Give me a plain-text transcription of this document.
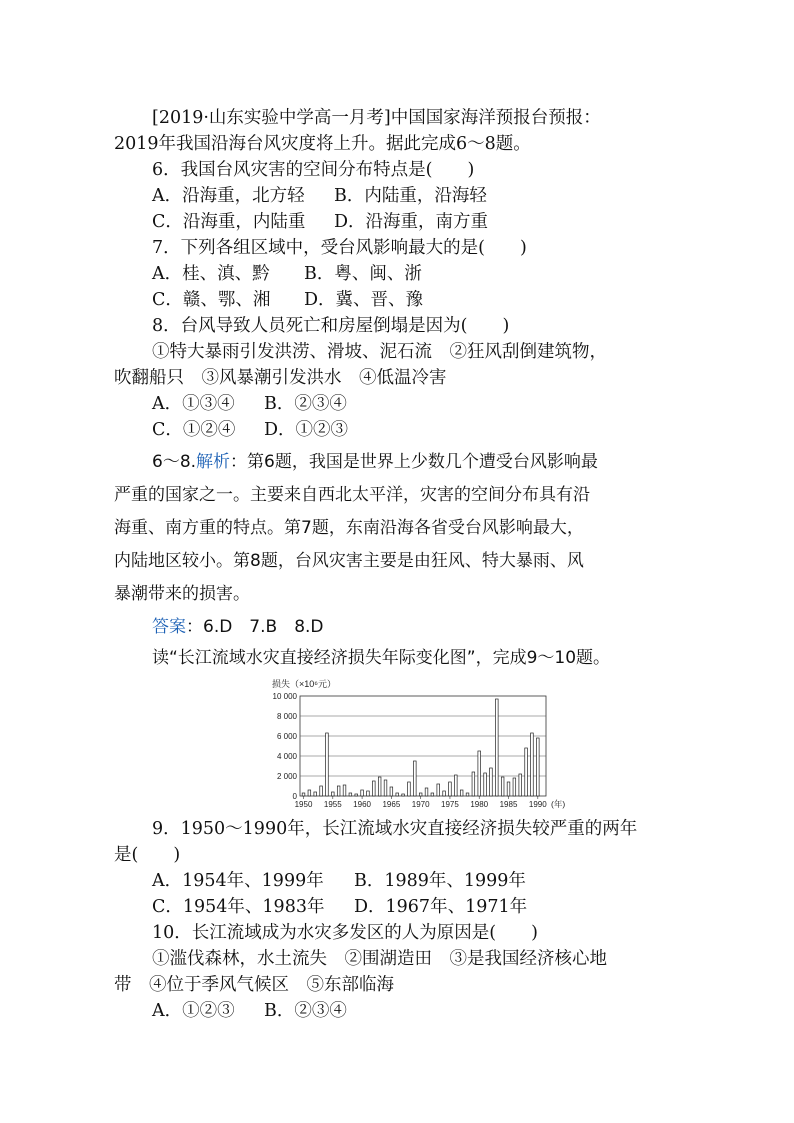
[2019·山东实验中学高一月考]中国国家海洋预报台预报：
2019年我国沿海台风灾度将上升。据此完成6～8题。
6．我国台风灾害的空间分布特点是(　　)
A．沿海重，北方轻 B．内陆重，沿海轻
C．沿海重，内陆重 D．沿海重，南方重
7．下列各组区域中，受台风影响最大的是(　　)
A．桂、滇、黔 B．粤、闽、浙
C．赣、鄂、湘 D．冀、晋、豫
8．台风导致人员死亡和房屋倒塌是因为(　　)
①特大暴雨引发洪涝、滑坡、泥石流　②狂风刮倒建筑物，
吹翻船只　③风暴潮引发洪水　④低温冷害
A．①③④ B．②③④
C．①②④ D．①②③
6～8.解析：第6题，我国是世界上少数几个遭受台风影响最
严重的国家之一。主要来自西北太平洋，灾害的空间分布具有沿
海重、南方重的特点。第7题，东南沿海各省受台风影响最大，
内陆地区较小。第8题，台风灾害主要是由狂风、特大暴雨、风
暴潮带来的损害。
答案：6.D　7.B　8.D
读“长江流域水灾直接经济损失年际变化图”，完成9～10题。
损失（×10⁶元）
0
2 000
4 000
6 000
8 000
10 000
1950 1955 1960 1965 1970 1975 1980 1985 1990 (年)
9．1950～1990年，长江流域水灾直接经济损失较严重的两年
是(　　)
A．1954年、1999年 B．1989年、1999年
C．1954年、1983年 D．1967年、1971年
10．长江流域成为水灾多发区的人为原因是(　　)
①滥伐森林，水土流失　②围湖造田　③是我国经济核心地
带　④位于季风气候区　⑤东部临海
A．①②③ B．②③④
